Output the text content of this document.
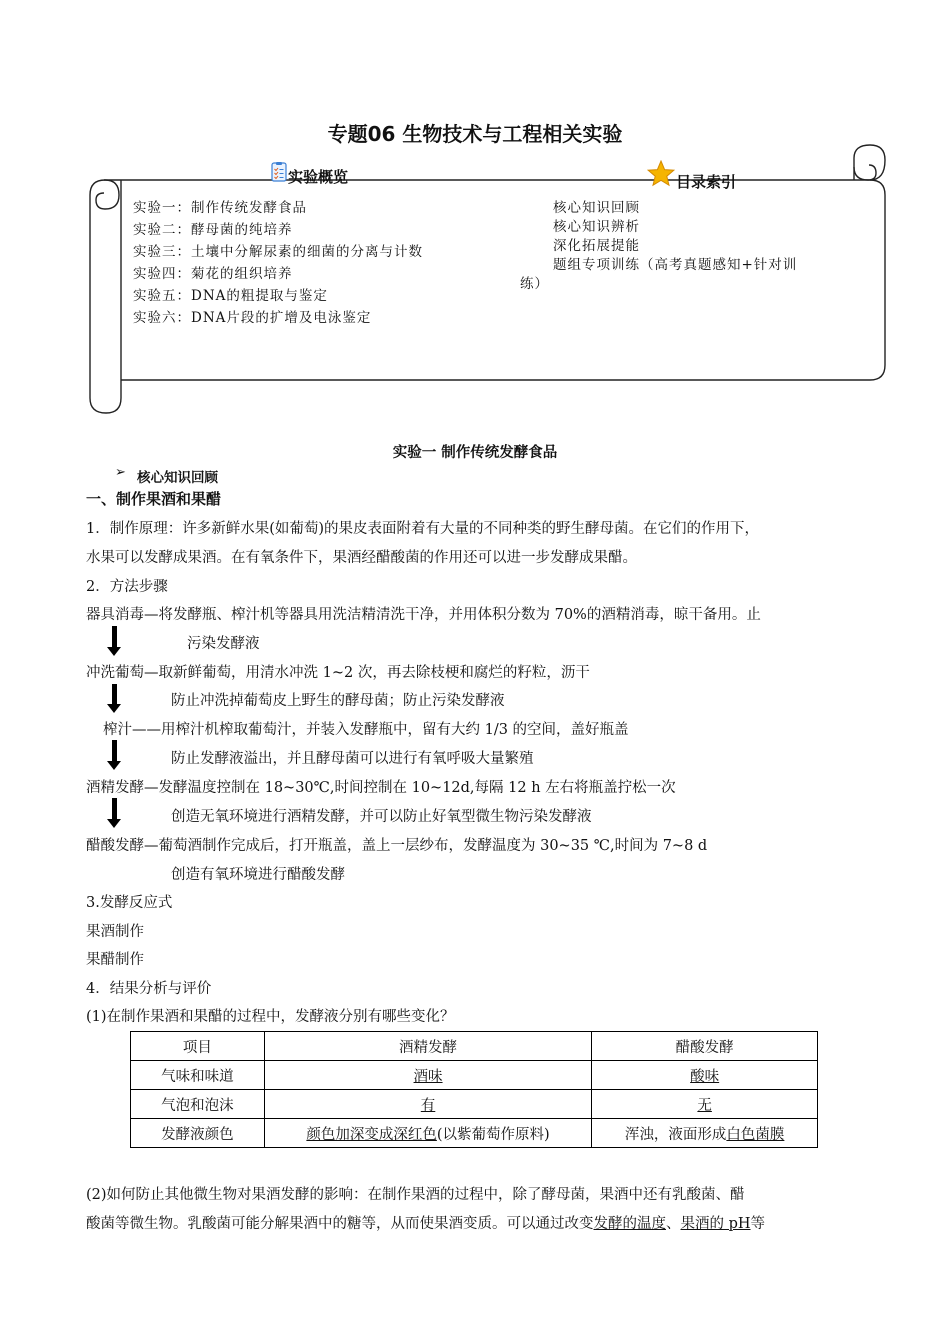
专题06 生物技术与工程相关实验
实验概览	目录索引
实验一：制作传统发酵食品
实验二：酵母菌的纯培养
实验三：土壤中分解尿素的细菌的分离与计数
实验四：菊花的组织培养
实验五：DNA的粗提取与鉴定
实验六：DNA片段的扩增及电泳鉴定
核心知识回顾
核心知识辨析
深化拓展提能
题组专项训练（高考真题感知+针对训
练）
实验一 制作传统发酵食品
➢ 核心知识回顾
一、制作果酒和果醋
1．制作原理：许多新鲜水果(如葡萄)的果皮表面附着有大量的不同种类的野生酵母菌。在它们的作用下，
水果可以发酵成果酒。在有氧条件下，果酒经醋酸菌的作用还可以进一步发酵成果醋。
2．方法步骤
器具消毒—将发酵瓶、榨汁机等器具用洗洁精清洗干净，并用体积分数为 70%的酒精消毒，晾干备用。止
污染发酵液
冲洗葡萄—取新鲜葡萄，用清水冲洗 1~2 次，再去除枝梗和腐烂的籽粒，沥干
防止冲洗掉葡萄皮上野生的酵母菌；防止污染发酵液
榨汁——用榨汁机榨取葡萄汁，并装入发酵瓶中，留有大约 1/3 的空间，盖好瓶盖
防止发酵液溢出，并且酵母菌可以进行有氧呼吸大量繁殖
酒精发酵—发酵温度控制在 18~30℃,时间控制在 10~12d,每隔 12 h 左右将瓶盖拧松一次
创造无氧环境进行酒精发酵，并可以防止好氧型微生物污染发酵液
醋酸发酵—葡萄酒制作完成后，打开瓶盖，盖上一层纱布，发酵温度为 30~35 ℃,时间为 7~8 d
创造有氧环境进行醋酸发酵
3.发酵反应式
果酒制作
果醋制作
4．结果分析与评价
(1)在制作果酒和果醋的过程中，发酵液分别有哪些变化？
项目	酒精发酵	醋酸发酵
气味和味道	酒味	酸味
气泡和泡沫	有	无
发酵液颜色	颜色加深变成深红色(以紫葡萄作原料)	浑浊，液面形成白色菌膜
(2)如何防止其他微生物对果酒发酵的影响：在制作果酒的过程中，除了酵母菌，果酒中还有乳酸菌、醋
酸菌等微生物。乳酸菌可能分解果酒中的糖等，从而使果酒变质。可以通过改变发酵的温度、果酒的 pH等
